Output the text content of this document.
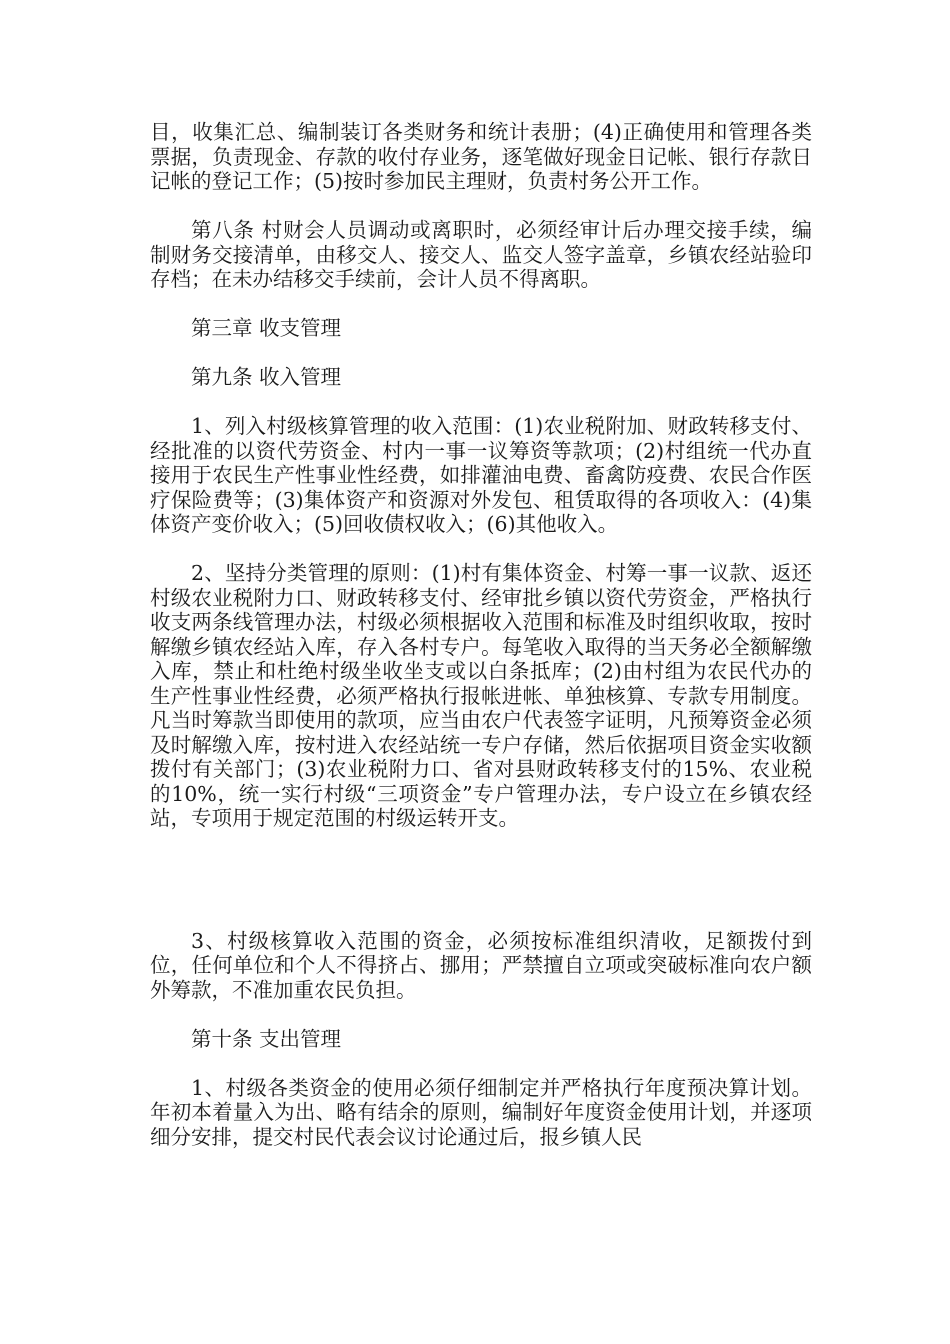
目，收集汇总、编制装订各类财务和统计表册；(4)正确使用和管理各类票据，负责现金、存款的收付存业务，逐笔做好现金日记帐、银行存款日记帐的登记工作；(5)按时参加民主理财，负责村务公开工作。

第八条 村财会人员调动或离职时，必须经审计后办理交接手续，编制财务交接清单，由移交人、接交人、监交人签字盖章，乡镇农经站验印存档；在未办结移交手续前，会计人员不得离职。

第三章 收支管理

第九条 收入管理

1、列入村级核算管理的收入范围：(1)农业税附加、财政转移支付、经批准的以资代劳资金、村内一事一议筹资等款项；(2)村组统一代办直接用于农民生产性事业性经费，如排灌油电费、畜禽防疫费、农民合作医疗保险费等；(3)集体资产和资源对外发包、租赁取得的各项收入：(4)集体资产变价收入；(5)回收债权收入；(6)其他收入。

2、坚持分类管理的原则：(1)村有集体资金、村筹一事一议款、返还村级农业税附力口、财政转移支付、经审批乡镇以资代劳资金，严格执行收支两条线管理办法，村级必须根据收入范围和标准及时组织收取，按时解缴乡镇农经站入库，存入各村专户。每笔收入取得的当天务必全额解缴入库，禁止和杜绝村级坐收坐支或以白条抵库；(2)由村组为农民代办的生产性事业性经费，必须严格执行报帐进帐、单独核算、专款专用制度。凡当时筹款当即使用的款项，应当由农户代表签字证明，凡预筹资金必须及时解缴入库，按村进入农经站统一专户存储，然后依据项目资金实收额拨付有关部门；(3)农业税附力口、省对县财政转移支付的15%、农业税的10%，统一实行村级“三项资金”专户管理办法，专户设立在乡镇农经站，专项用于规定范围的村级运转开支。

3、村级核算收入范围的资金，必须按标准组织清收，足额拨付到位，任何单位和个人不得挤占、挪用；严禁擅自立项或突破标准向农户额外筹款，不准加重农民负担。

第十条 支出管理

1、村级各类资金的使用必须仔细制定并严格执行年度预决算计划。年初本着量入为出、略有结余的原则，编制好年度资金使用计划，并逐项细分安排，提交村民代表会议讨论通过后，报乡镇人民
